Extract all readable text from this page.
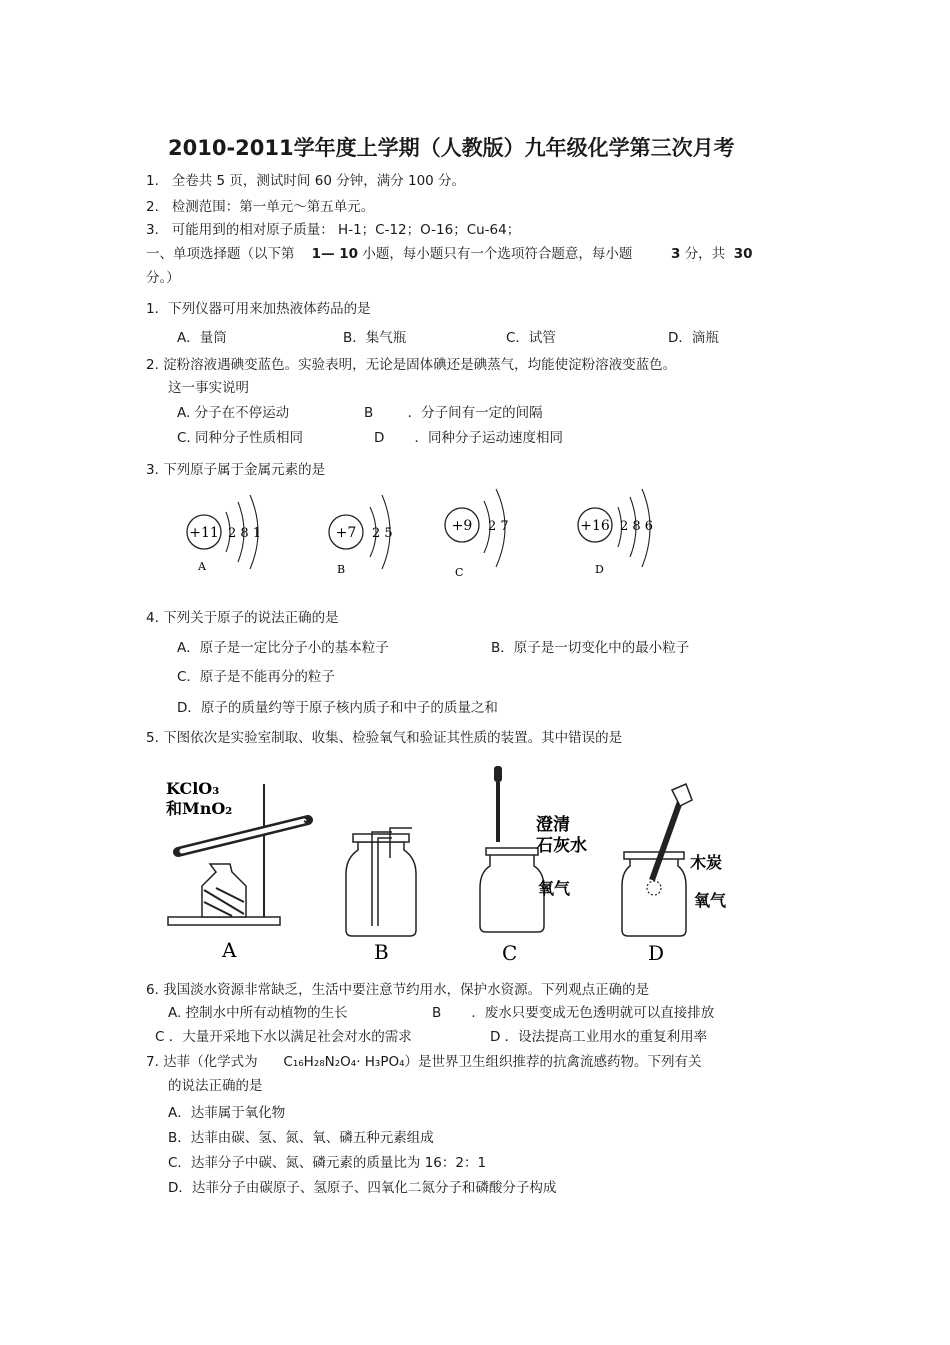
2010-2011学年度上学期（人教版）九年级化学第三次月考
1. 全卷共 5 页，测试时间 60 分钟，满分 100 分。
2. 检测范围：第一单元～第五单元。
3. 可能用到的相对原子质量： H-1；C-12；O-16；Cu-64；
一、单项选择题（以下第 1— 10 小题，每小题只有一个选项符合题意，每小题	3 分，共 30
分。）
1．下列仪器可用来加热液体药品的是
A．量筒	B．集气瓶	C．试管	D．滴瓶
2. 淀粉溶液遇碘变蓝色。实验表明，无论是固体碘还是碘蒸气，均能使淀粉溶液变蓝色。
这一事实说明
A. 分子在不停运动	B	．分子间有一定的间隔
C. 同种分子性质相同	D ．同种分子运动速度相同
3. 下列原子属于金属元素的是
+11 2 8 1
A
+7 2 5
B
+9 2 7
C
+16 2 8 6
D
4. 下列关于原子的说法正确的是
A．原子是一定比分子小的基本粒子	B．原子是一切变化中的最小粒子
C．原子是不能再分的粒子
D．原子的质量约等于原子核内质子和中子的质量之和
5. 下图依次是实验室制取、收集、检验氧气和验证其性质的装置。其中错误的是
KClO₃
和MnO₂
A	B
澄清
石灰水
氧气
C
木炭
氧气
D
6. 我国淡水资源非常缺乏，生活中要注意节约用水，保护水资源。下列观点正确的是
A. 控制水中所有动植物的生长	B ．废水只要变成无色透明就可以直接排放
C ．大量开采地下水以满足社会对水的需求	D ．设法提高工业用水的重复利用率
7. 达菲（化学式为 C₁₆H₂₈N₂O₄· H₃PO₄）是世界卫生组织推荐的抗禽流感药物。下列有关
的说法正确的是
A．达菲属于氧化物
B．达菲由碳、氢、氮、氧、磷五种元素组成
C．达菲分子中碳、氮、磷元素的质量比为 16：2：1
D．达菲分子由碳原子、氢原子、四氧化二氮分子和磷酸分子构成
